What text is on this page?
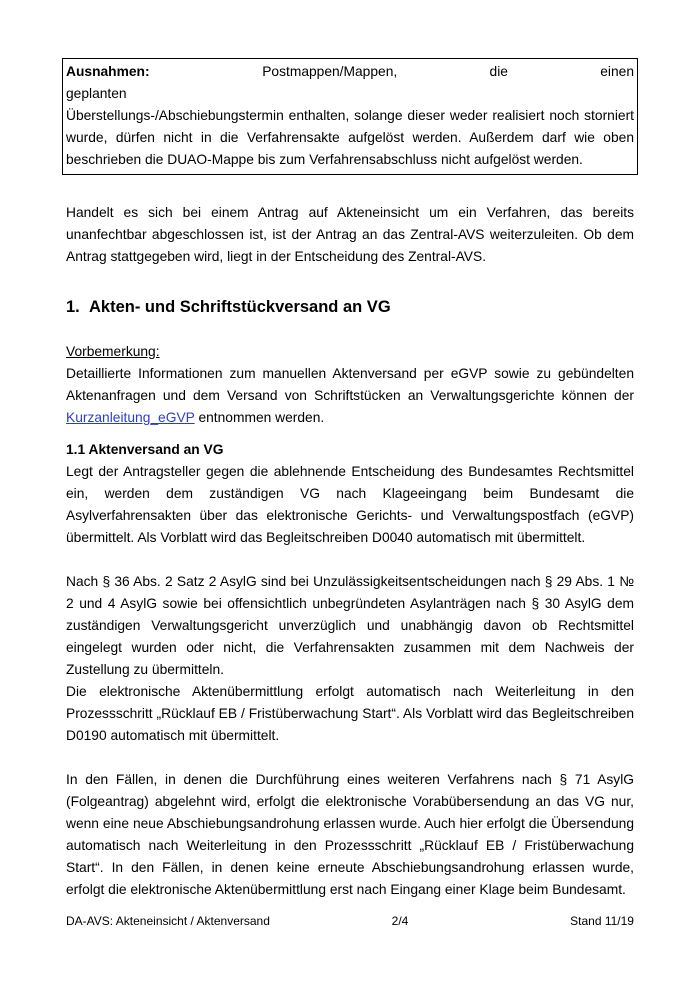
Ausnahmen:	Postmappen/Mappen, die einen geplanten
Überstellungs-/Abschiebungstermin enthalten, solange dieser weder realisiert noch storniert wurde, dürfen nicht in die Verfahrensakte aufgelöst werden. Außerdem darf wie oben beschrieben die DUAO-Mappe bis zum Verfahrensabschluss nicht aufgelöst werden.

Handelt es sich bei einem Antrag auf Akteneinsicht um ein Verfahren, das bereits unanfechtbar abgeschlossen ist, ist der Antrag an das Zentral-AVS weiterzuleiten. Ob dem Antrag stattgegeben wird, liegt in der Entscheidung des Zentral-AVS.

1. Akten- und Schriftstückversand an VG
Vorbemerkung:

Detaillierte Informationen zum manuellen Aktenversand per eGVP sowie zu gebündelten Aktenanfragen und dem Versand von Schriftstücken an Verwaltungsgerichte können der Kurzanleitung_eGVP entnommen werden.

1.1 Aktenversand an VG

Legt der Antragsteller gegen die ablehnende Entscheidung des Bundesamtes Rechtsmittel ein, werden dem zuständigen VG nach Klageeingang beim Bundesamt die Asylverfahrensakten über das elektronische Gerichts- und Verwaltungspostfach (eGVP) übermittelt. Als Vorblatt wird das Begleitschreiben D0040 automatisch mit übermittelt.

Nach § 36 Abs. 2 Satz 2 AsylG sind bei Unzulässigkeitsentscheidungen nach § 29 Abs. 1 № 2 und 4 AsylG sowie bei offensichtlich unbegründeten Asylanträgen nach § 30 AsylG dem zuständigen Verwaltungsgericht unverzüglich und unabhängig davon ob Rechtsmittel eingelegt wurden oder nicht, die Verfahrensakten zusammen mit dem Nachweis der Zustellung zu übermitteln.

Die elektronische Aktenübermittlung erfolgt automatisch nach Weiterleitung in den Prozessschritt „Rücklauf EB / Fristüberwachung Start“. Als Vorblatt wird das Begleitschreiben D0190 automatisch mit übermittelt.

In den Fällen, in denen die Durchführung eines weiteren Verfahrens nach § 71 AsylG (Folgeantrag) abgelehnt wird, erfolgt die elektronische Vorabübersendung an das VG nur, wenn eine neue Abschiebungsandrohung erlassen wurde. Auch hier erfolgt die Übersendung automatisch nach Weiterleitung in den Prozessschritt „Rücklauf EB / Fristüberwachung Start“. In den Fällen, in denen keine erneute Abschiebungsandrohung erlassen wurde, erfolgt die elektronische Aktenübermittlung erst nach Eingang einer Klage beim Bundesamt.

DA-AVS: Akteneinsicht / Aktenversand	2/4	Stand 11/19
